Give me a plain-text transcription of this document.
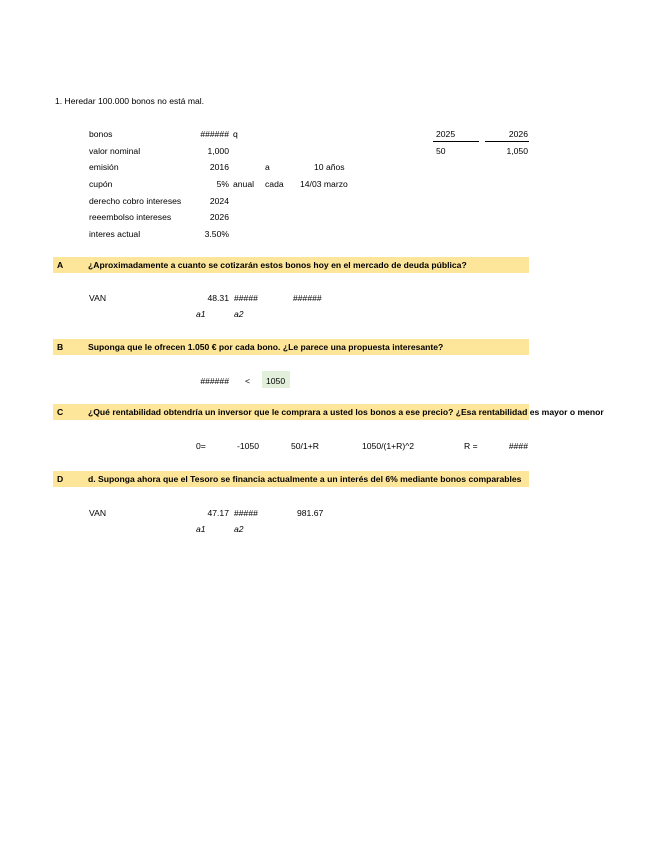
1. Heredar 100.000 bonos no está mal.
bonos	###### q
valor nominal	1,000
emisión	2016	a	10 años
cupón	5% anual cada 14/03 marzo
derecho cobro intereses	2024
reeembolso intereses	2026
interes actual	3.50%
2025	2026
50	1,050
A	¿Aproximadamente a cuanto se cotizarán estos bonos hoy en el mercado de deuda pública?
VAN	48.31 #####	######
a1	a2
B	Suponga que le ofrecen 1.050 € por cada bono. ¿Le parece una propuesta interesante?
###### < 1050
C	¿Qué rentabilidad obtendría un inversor que le comprara a usted los bonos a ese precio? ¿Esa rentabilidad es mayor o menor
0=	-1050	50/1+R	1050/(1+R)^2	R =	####
D	d. Suponga ahora que el Tesoro se financia actualmente a un interés del 6% mediante bonos comparables
VAN	47.17 #####	981.67
a1	a2
